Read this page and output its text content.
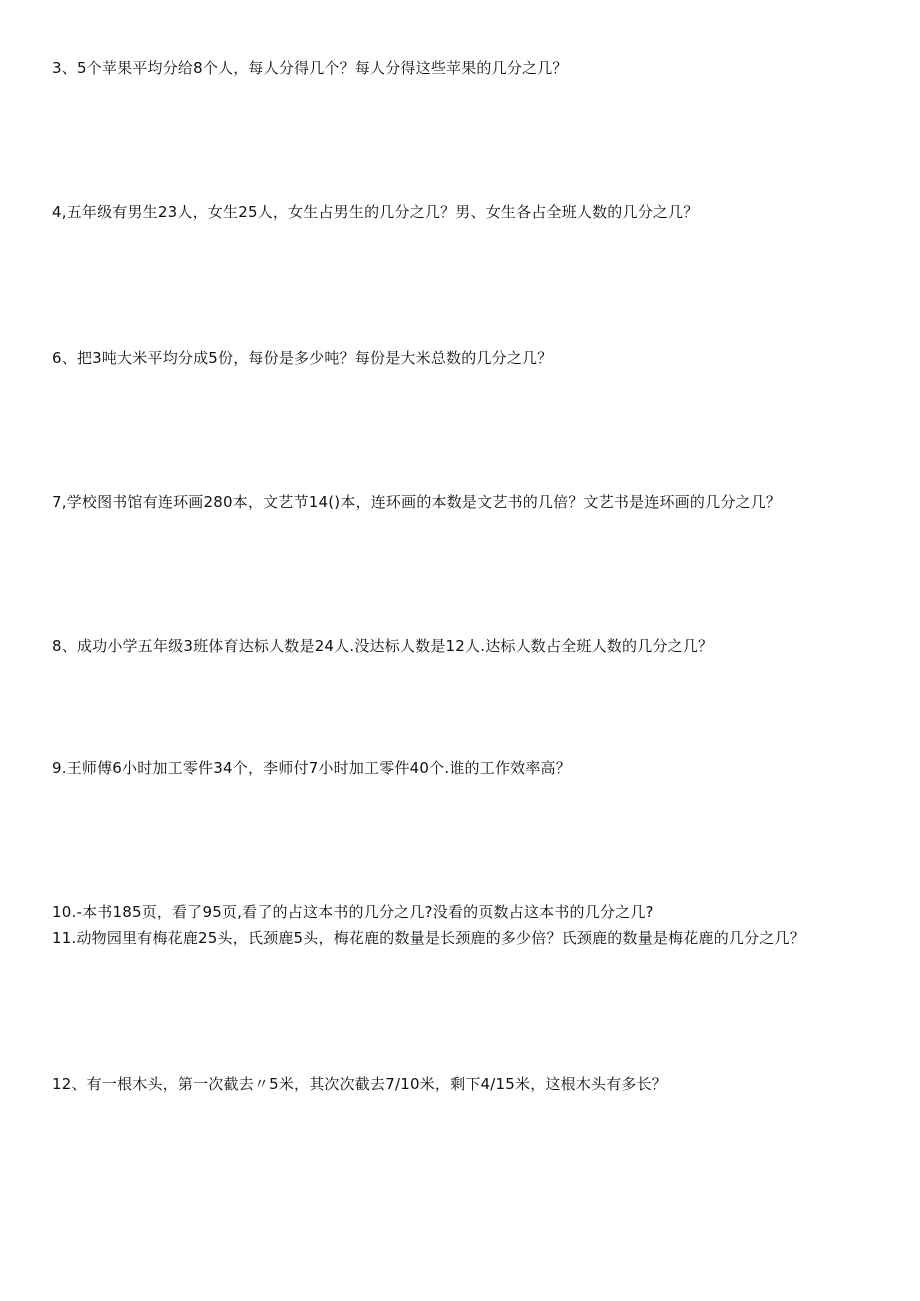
3、5个苹果平均分给8个人，每人分得几个？每人分得这些苹果的几分之几？
4,五年级有男生23人，女生25人，女生占男生的几分之几？男、女生各占全班人数的几分之几？
6、把3吨大米平均分成5份，每份是多少吨？每份是大米总数的几分之几？
7,学校图书馆有连环画280本，文艺节14()本，连环画的本数是文艺书的几倍？文艺书是连环画的几分之几？
8、成功小学五年级3班体育达标人数是24人.没达标人数是12人.达标人数占全班人数的几分之几？
9.王师傅6小时加工零件34个，李师付7小时加工零件40个.谁的工作效率高？
10.-本书185页，看了95页,看了的占这本书的几分之几?没看的页数占这本书的几分之几?
11.动物园里有梅花鹿25头，氏颈鹿5头，梅花鹿的数量是长颈鹿的多少倍？氏颈鹿的数量是梅花鹿的几分之几？
12、有一根木头，第一次截去〃5米，其次次截去7/10米，剩下4/15米，这根木头有多长？
